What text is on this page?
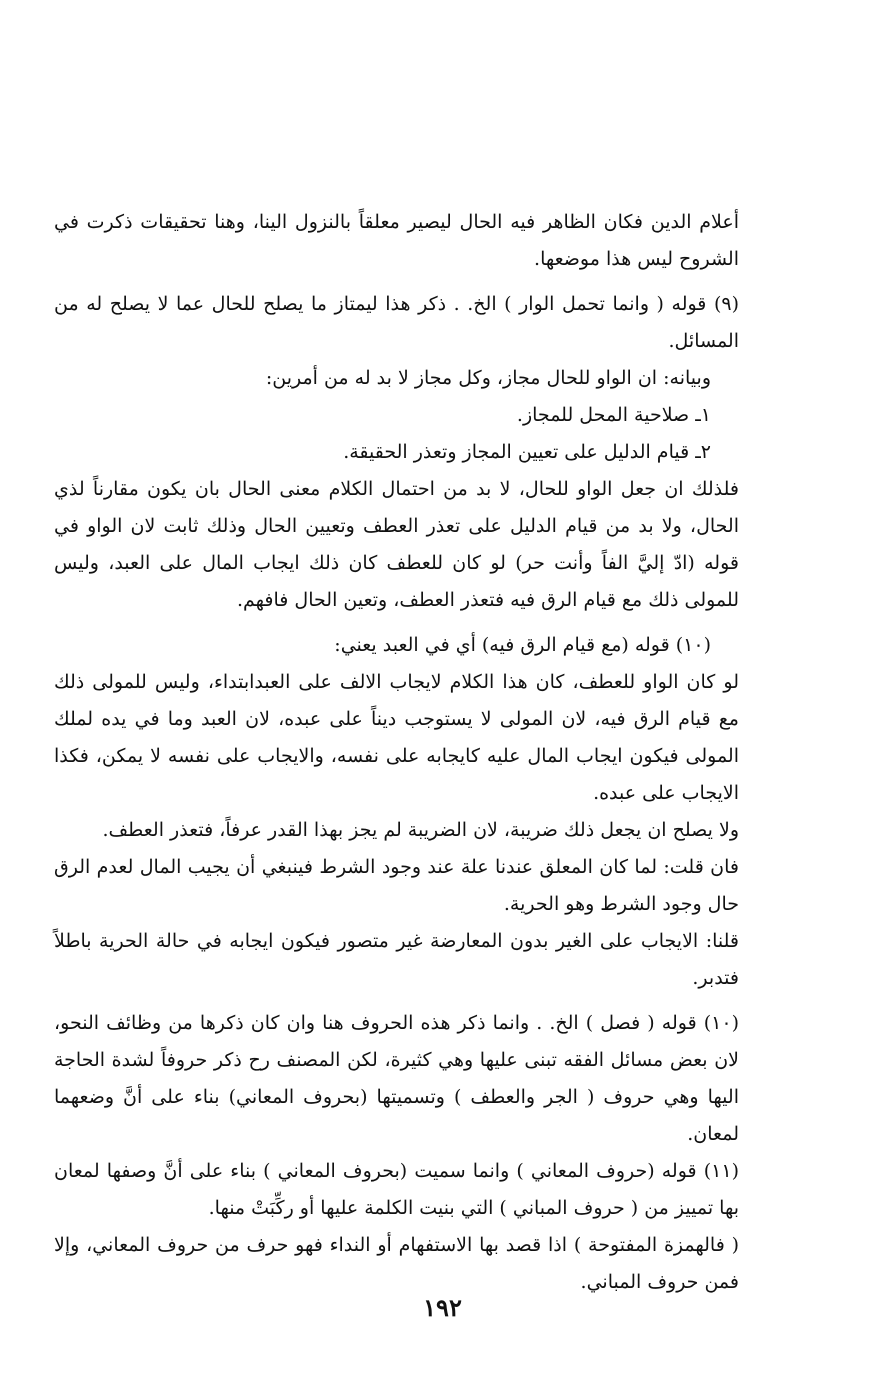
أعلام الدين فكان الظاهر فيه الحال ليصير معلقاً بالنزول الينا، وهنا تحقيقات ذكرت في الشروح ليس هذا موضعها.

(٩) قوله ( وانما تحمل الوار ) الخ. . ذكر هذا ليمتاز ما يصلح للحال عما لا يصلح له من المسائل.

وبيانه: ان الواو للحال مجاز، وكل مجاز لا بد له من أمرين:

١ـ صلاحية المحل للمجاز.

٢ـ قيام الدليل على تعيين المجاز وتعذر الحقيقة.

فلذلك ان جعل الواو للحال، لا بد من احتمال الكلام معنى الحال بان يكون مقارناً لذي الحال، ولا بد من قيام الدليل على تعذر العطف وتعيين الحال وذلك ثابت لان الواو في قوله (ادّ إليَّ الفاً وأنت حر) لو كان للعطف كان ذلك ايجاب المال على العبد، وليس للمولى ذلك مع قيام الرق فيه فتعذر العطف، وتعين الحال فافهم.

(١٠) قوله (مع قيام الرق فيه) أي في العبد يعني:

لو كان الواو للعطف، كان هذا الكلام لايجاب الالف على العبدابتداء، وليس للمولى ذلك مع قيام الرق فيه، لان المولى لا يستوجب ديناً على عبده، لان العبد وما في يده لملك المولى فيكون ايجاب المال عليه كايجابه على نفسه، والايجاب على نفسه لا يمكن، فكذا الايجاب على عبده.

ولا يصلح ان يجعل ذلك ضريبة، لان الضريبة لم يجز بهذا القدر عرفاً، فتعذر العطف.

فان قلت: لما كان المعلق عندنا علة عند وجود الشرط فينبغي أن يجيب المال لعدم الرق حال وجود الشرط وهو الحرية.

قلنا: الايجاب على الغير بدون المعارضة غير متصور فيكون ايجابه في حالة الحرية باطلاً فتدبر.

(١٠) قوله ( فصل ) الخ. . وانما ذكر هذه الحروف هنا وان كان ذكرها من وظائف النحو، لان بعض مسائل الفقه تبنى عليها وهي كثيرة، لكن المصنف رح ذكر حروفاً لشدة الحاجة اليها وهي حروف ( الجر والعطف ) وتسميتها (بحروف المعاني) بناء على أنَّ وضعهما لمعان.

(١١) قوله (حروف المعاني ) وانما سميت (بحروف المعاني ) بناء على أنَّ وصفها لمعان بها تمييز من ( حروف المباني ) التي بنيت الكلمة عليها أو ركِّبَتْ منها.

( فالهمزة المفتوحة ) اذا قصد بها الاستفهام أو النداء فهو حرف من حروف المعاني، وإلا فمن حروف المباني.

١٩٢
